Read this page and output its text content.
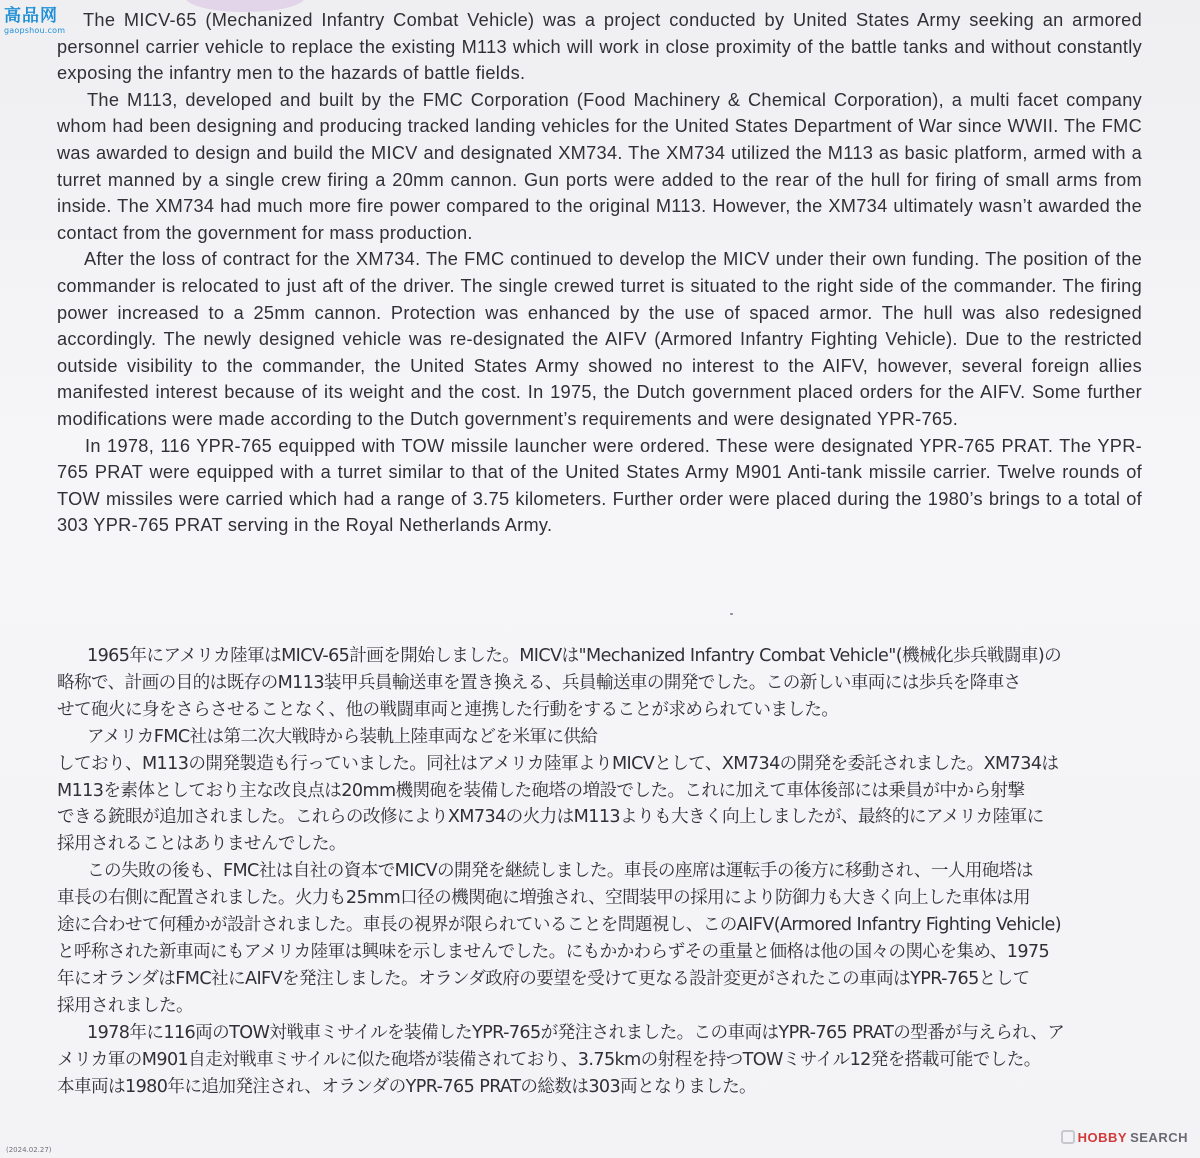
高品网
gaopshou.com

The MICV-65 (Mechanized Infantry Combat Vehicle) was a project conducted by United States Army seeking an armored personnel carrier vehicle to replace the existing M113 which will work in close proximity of the battle tanks and without constantly exposing the infantry men to the hazards of battle fields.

The M113, developed and built by the FMC Corporation (Food Machinery & Chemical Corporation), a multi facet company whom had been designing and producing tracked landing vehicles for the United States Department of War since WWII. The FMC was awarded to design and build the MICV and designated XM734. The XM734 utilized the M113 as basic platform, armed with a turret manned by a single crew firing a 20mm cannon. Gun ports were added to the rear of the hull for firing of small arms from inside. The XM734 had much more fire power compared to the original M113. However, the XM734 ultimately wasn’t awarded the contact from the government for mass production.

After the loss of contract for the XM734. The FMC continued to develop the MICV under their own funding. The position of the commander is relocated to just aft of the driver. The single crewed turret is situated to the right side of the commander. The firing power increased to a 25mm cannon. Protection was enhanced by the use of spaced armor. The hull was also redesigned accordingly. The newly designed vehicle was re-designated the AIFV (Armored Infantry Fighting Vehicle). Due to the restricted outside visibility to the commander, the United States Army showed no interest to the AIFV, however, several foreign allies manifested interest because of its weight and the cost. In 1975, the Dutch government placed orders for the AIFV. Some further modifications were made according to the Dutch government’s requirements and were designated YPR-765.

In 1978, 116 YPR-765 equipped with TOW missile launcher were ordered. These were designated YPR-765 PRAT. The YPR-765 PRAT were equipped with a turret similar to that of the United States Army M901 Anti-tank missile carrier. Twelve rounds of TOW missiles were carried which had a range of 3.75 kilometers. Further order were placed during the 1980’s brings to a total of 303 YPR-765 PRAT serving in the Royal Netherlands Army.

1965年にアメリカ陸軍はMICV-65計画を開始しました。MICVは"Mechanized Infantry Combat Vehicle"(機械化歩兵戦闘車)の
略称で、計画の目的は既存のM113装甲兵員輸送車を置き換える、兵員輸送車の開発でした。この新しい車両には歩兵を降車さ
せて砲火に身をさらさせることなく、他の戦闘車両と連携した行動をすることが求められていました。

アメリカFMC社は第二次大戦時から装軌上陸車両などを米軍に供給
しており、M113の開発製造も行っていました。同社はアメリカ陸軍よりMICVとして、XM734の開発を委託されました。XM734は
M113を素体としており主な改良点は20mm機関砲を装備した砲塔の増設でした。これに加えて車体後部には乗員が中から射撃
できる銃眼が追加されました。これらの改修によりXM734の火力はM113よりも大きく向上しましたが、最終的にアメリカ陸軍に
採用されることはありませんでした。

この失敗の後も、FMC社は自社の資本でMICVの開発を継続しました。車長の座席は運転手の後方に移動され、一人用砲塔は
車長の右側に配置されました。火力も25mm口径の機関砲に増強され、空間装甲の採用により防御力も大きく向上した車体は用
途に合わせて何種かが設計されました。車長の視界が限られていることを問題視し、このAIFV(Armored Infantry Fighting Vehicle)
と呼称された新車両にもアメリカ陸軍は興味を示しませんでした。にもかかわらずその重量と価格は他の国々の関心を集め、1975
年にオランダはFMC社にAIFVを発注しました。オランダ政府の要望を受けて更なる設計変更がされたこの車両はYPR-765として
採用されました。

1978年に116両のTOW対戦車ミサイルを装備したYPR-765が発注されました。この車両はYPR-765 PRATの型番が与えられ、ア
メリカ軍のM901自走対戦車ミサイルに似た砲塔が装備されており、3.75kmの射程を持つTOWミサイル12発を搭載可能でした。
本車両は1980年に追加発注され、オランダのYPR-765 PRATの総数は303両となりました。

(2024.02.27)
HOBBY SEARCH
